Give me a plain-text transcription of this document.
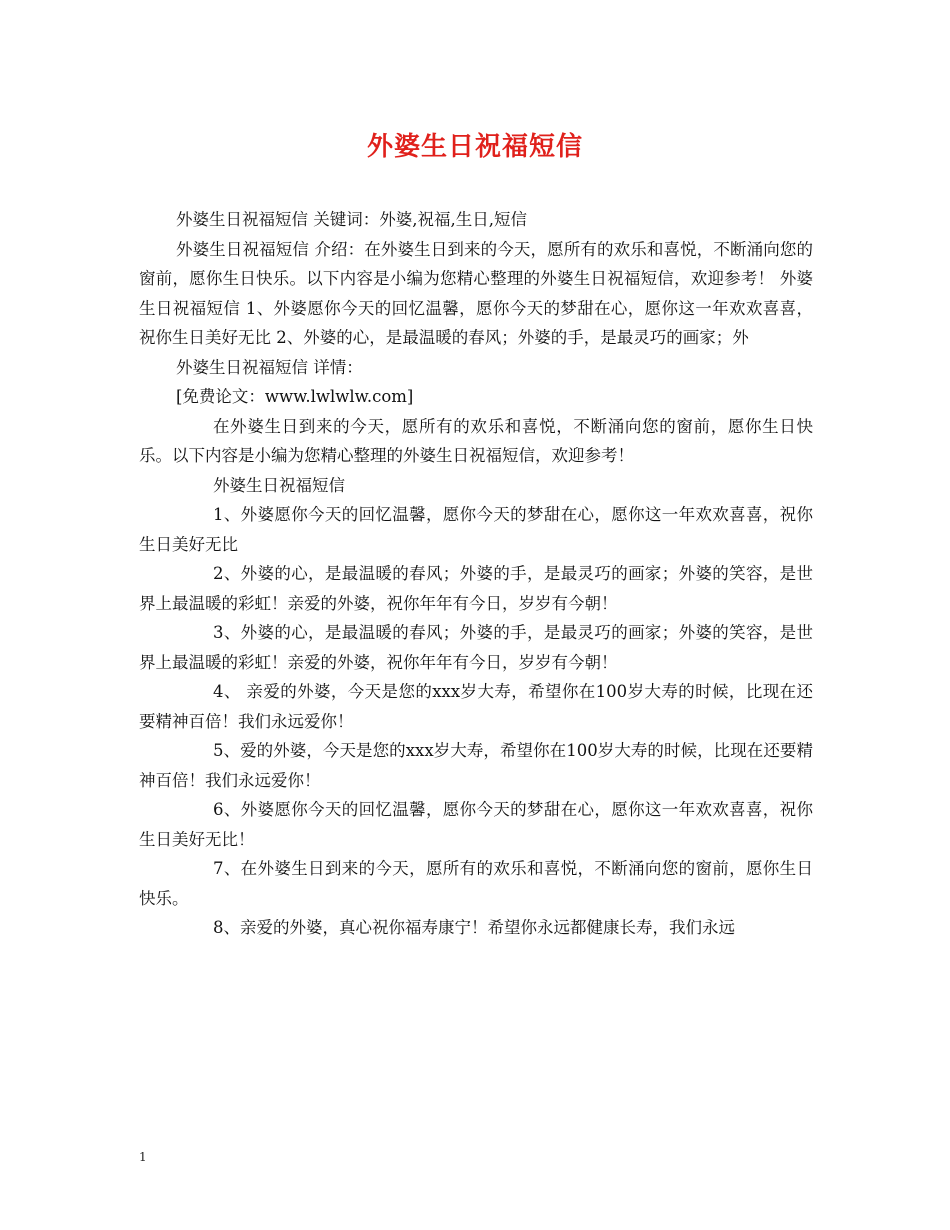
外婆生日祝福短信

外婆生日祝福短信 关键词：外婆,祝福,生日,短信

外婆生日祝福短信 介绍：在外婆生日到来的今天，愿所有的欢乐和喜悦，不断涌向您的窗前，愿你生日快乐。以下内容是小编为您精心整理的外婆生日祝福短信，欢迎参考！ 外婆生日祝福短信 1、外婆愿你今天的回忆温馨，愿你今天的梦甜在心，愿你这一年欢欢喜喜，祝你生日美好无比 2、外婆的心，是最温暖的春风；外婆的手，是最灵巧的画家；外

外婆生日祝福短信 详情：

[免费论文：www.lwlwlw.com]

在外婆生日到来的今天，愿所有的欢乐和喜悦，不断涌向您的窗前，愿你生日快乐。以下内容是小编为您精心整理的外婆生日祝福短信，欢迎参考！

外婆生日祝福短信

1、外婆愿你今天的回忆温馨，愿你今天的梦甜在心，愿你这一年欢欢喜喜，祝你生日美好无比

2、外婆的心，是最温暖的春风；外婆的手，是最灵巧的画家；外婆的笑容，是世界上最温暖的彩虹！亲爱的外婆，祝你年年有今日，岁岁有今朝！

3、外婆的心，是最温暖的春风；外婆的手，是最灵巧的画家；外婆的笑容，是世界上最温暖的彩虹！亲爱的外婆，祝你年年有今日，岁岁有今朝！

4、 亲爱的外婆，今天是您的xxx岁大寿，希望你在100岁大寿的时候，比现在还要精神百倍！我们永远爱你！

5、爱的外婆，今天是您的xxx岁大寿，希望你在100岁大寿的时候，比现在还要精神百倍！我们永远爱你！

6、外婆愿你今天的回忆温馨，愿你今天的梦甜在心，愿你这一年欢欢喜喜，祝你生日美好无比！

7、在外婆生日到来的今天，愿所有的欢乐和喜悦，不断涌向您的窗前，愿你生日快乐。

8、亲爱的外婆，真心祝你福寿康宁！希望你永远都健康长寿，我们永远

1
